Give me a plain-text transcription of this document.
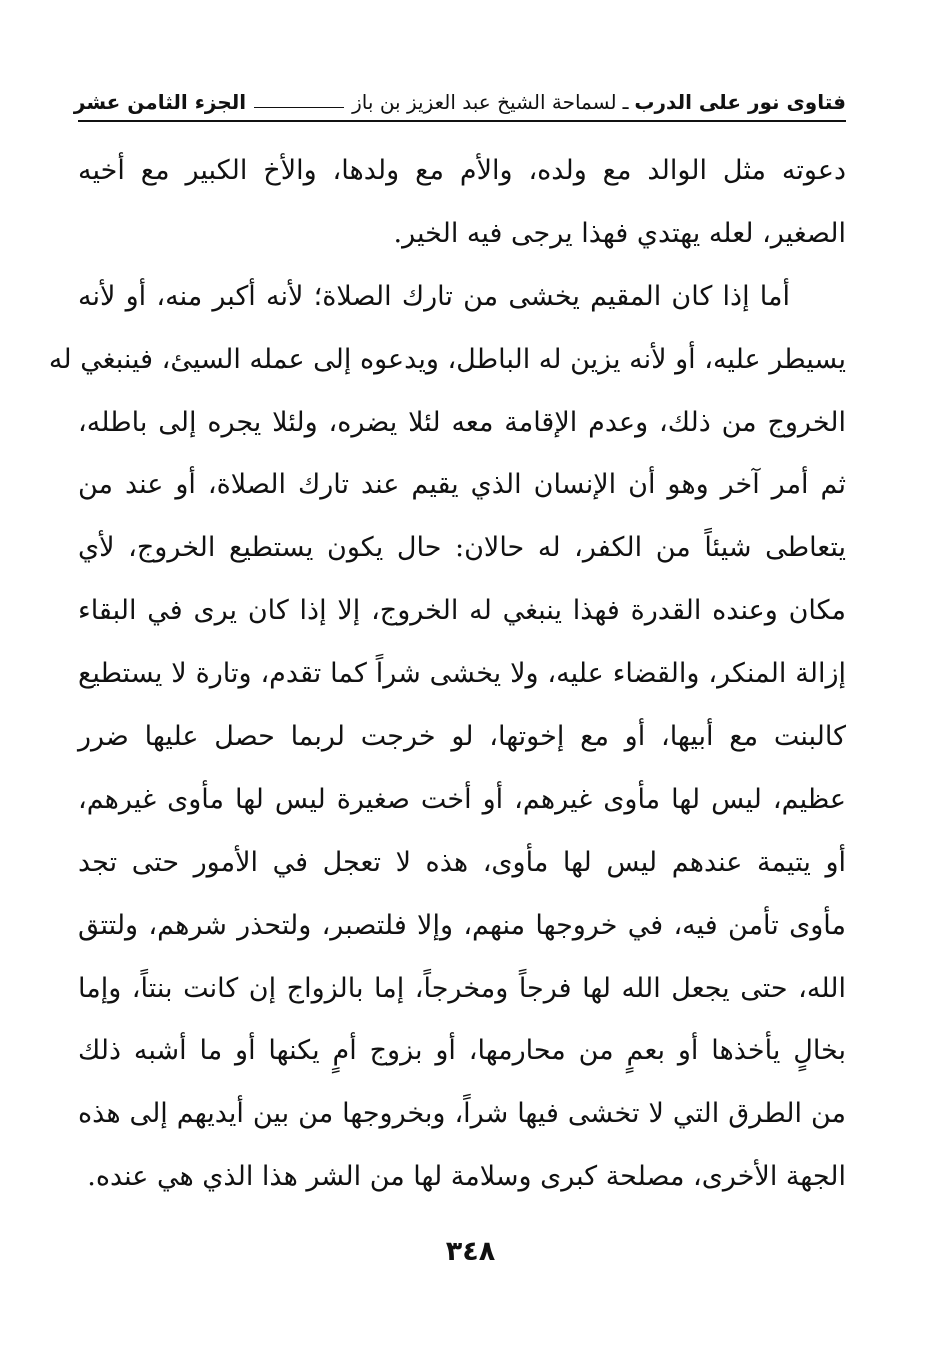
فتاوى نور على الدرب
ـ
لسماحة الشيخ عبد العزيز بن باز
الجزء الثامن عشر
دعوته مثل الوالد مع ولده، والأم مع ولدها، والأخ الكبير مع أخيه
الصغير، لعله يهتدي فهذا يرجى فيه الخير.
أما إذا كان المقيم يخشى من تارك الصلاة؛ لأنه أكبر منه، أو لأنه
يسيطر عليه، أو لأنه يزين له الباطل، ويدعوه إلى عمله السيئ، فينبغي له
الخروج من ذلك، وعدم الإقامة معه لئلا يضره، ولئلا يجره إلى باطله،
ثم أمر آخر وهو أن الإنسان الذي يقيم عند تارك الصلاة، أو عند من
يتعاطى شيئاً من الكفر، له حالان: حال يكون يستطيع الخروج، لأي
مكان وعنده القدرة فهذا ينبغي له الخروج، إلا إذا كان يرى في البقاء
إزالة المنكر، والقضاء عليه، ولا يخشى شراً كما تقدم، وتارة لا يستطيع
كالبنت مع أبيها، أو مع إخوتها، لو خرجت لربما حصل عليها ضرر
عظيم، ليس لها مأوى غيرهم، أو أخت صغيرة ليس لها مأوى غيرهم،
أو يتيمة عندهم ليس لها مأوى، هذه لا تعجل في الأمور حتى تجد
مأوى تأمن فيه، في خروجها منهم، وإلا فلتصبر، ولتحذر شرهم، ولتتق
الله، حتى يجعل الله لها فرجاً ومخرجاً، إما بالزواج إن كانت بنتاً، وإما
بخالٍ يأخذها أو بعمٍ من محارمها، أو بزوج أمٍ يكنها أو ما أشبه ذلك
من الطرق التي لا تخشى فيها شراً، وبخروجها من بين أيديهم إلى هذه
الجهة الأخرى، مصلحة كبرى وسلامة لها من الشر هذا الذي هي عنده.
٣٤٨
